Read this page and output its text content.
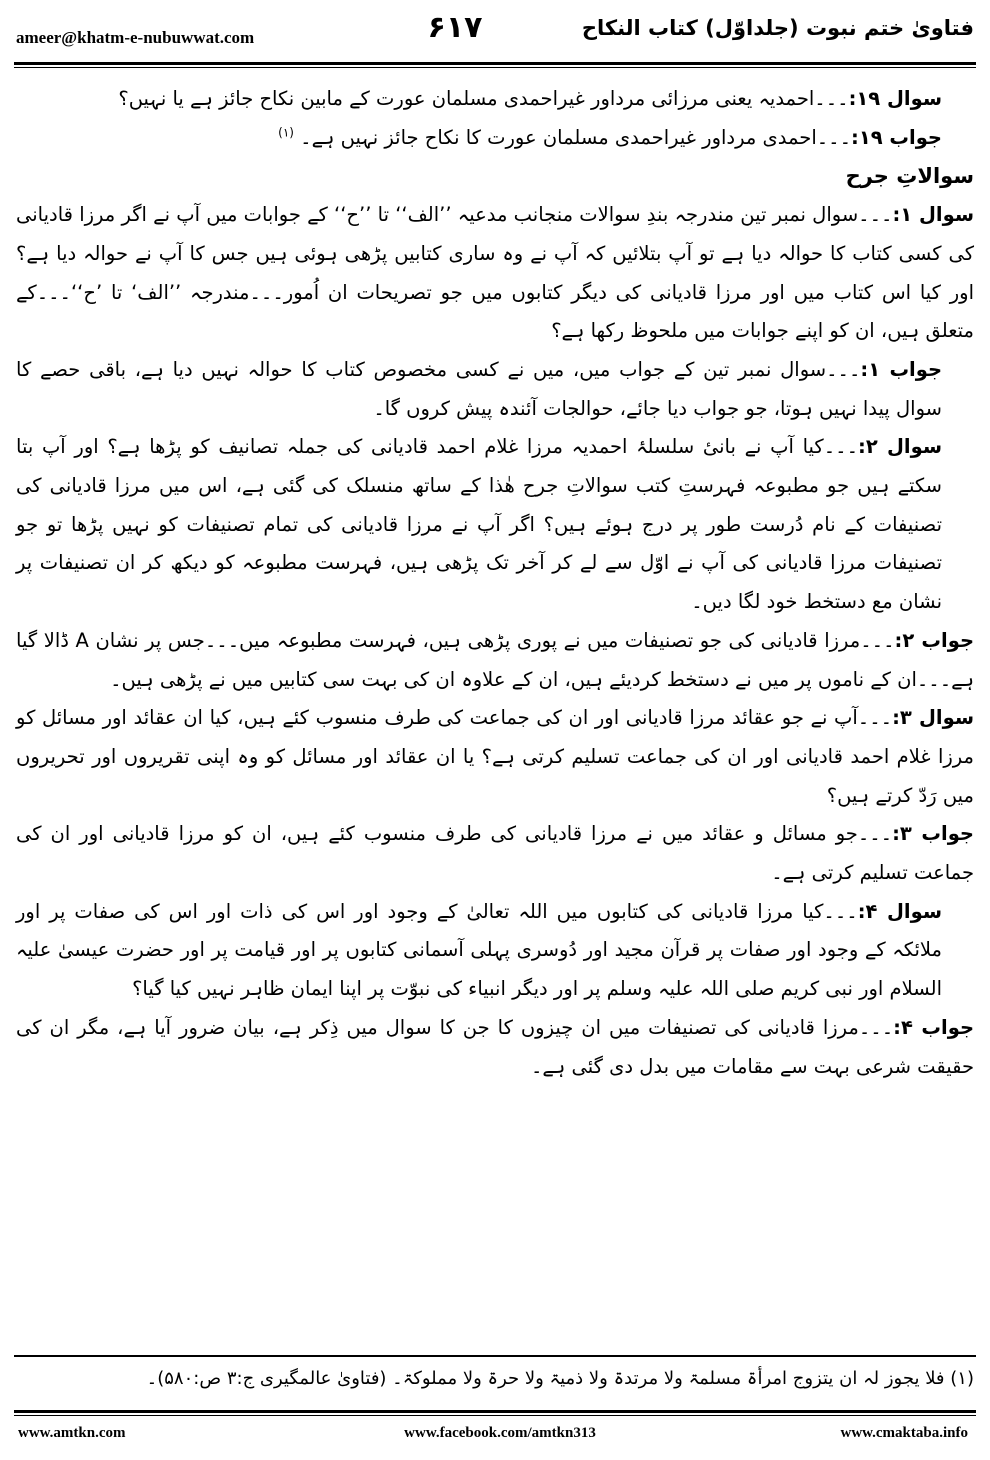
ameer@khatm-e-nubuwwat.com	۶۱۷	فتاویٰ ختم نبوت (جلداوّل) کتاب النکاح

سوال ۱۹:۔۔۔احمدیہ یعنی مرزائی مرداور غیراحمدی مسلمان عورت کے مابین نکاح جائز ہے یا نہیں؟

جواب ۱۹:۔۔۔احمدی مرداور غیراحمدی مسلمان عورت کا نکاح جائز نہیں ہے۔ $^{(۱)}$

سوالاتِ جرح

سوال ۱:۔۔۔سوال نمبر تین مندرجہ بندِ سوالات منجانب مدعیہ ’’الف‘‘ تا ’’ح‘‘ کے جوابات میں آپ نے اگر مرزا قادیانی کی کسی کتاب کا حوالہ دیا ہے تو آپ بتلائیں کہ آپ نے وہ ساری کتابیں پڑھی ہوئی ہیں جس کا آپ نے حوالہ دیا ہے؟ اور کیا اس کتاب میں اور مرزا قادیانی کی دیگر کتابوں میں جو تصریحات ان اُمور۔۔۔مندرجہ ’’الف‘ تا ’ح‘‘۔۔۔کے متعلق ہیں، ان کو اپنے جوابات میں ملحوظ رکھا ہے؟

جواب ۱:۔۔۔سوال نمبر تین کے جواب میں، میں نے کسی مخصوص کتاب کا حوالہ نہیں دیا ہے، باقی حصے کا سوال پیدا نہیں ہوتا، جو جواب دیا جائے، حوالجات آئندہ پیش کروں گا۔

سوال ۲:۔۔۔کیا آپ نے بانیٔ سلسلۂ احمدیہ مرزا غلام احمد قادیانی کی جملہ تصانیف کو پڑھا ہے؟ اور آپ بتا سکتے ہیں جو مطبوعہ فہرستِ کتب سوالاتِ جرح ھٰذا کے ساتھ منسلک کی گئی ہے، اس میں مرزا قادیانی کی تصنیفات کے نام دُرست طور پر درج ہوئے ہیں؟ اگر آپ نے مرزا قادیانی کی تمام تصنیفات کو نہیں پڑھا تو جو تصنیفات مرزا قادیانی کی آپ نے اوّل سے لے کر آخر تک پڑھی ہیں، فہرست مطبوعہ کو دیکھ کر ان تصنیفات پر نشان مع دستخط خود لگا دیں۔

جواب ۲:۔۔۔مرزا قادیانی کی جو تصنیفات میں نے پوری پڑھی ہیں، فہرست مطبوعہ میں۔۔۔جس پر نشان A ڈالا گیا ہے۔۔۔ان کے ناموں پر میں نے دستخط کردیئے ہیں، ان کے علاوہ ان کی بہت سی کتابیں میں نے پڑھی ہیں۔

سوال ۳:۔۔۔آپ نے جو عقائد مرزا قادیانی اور ان کی جماعت کی طرف منسوب کئے ہیں، کیا ان عقائد اور مسائل کو مرزا غلام احمد قادیانی اور ان کی جماعت تسلیم کرتی ہے؟ یا ان عقائد اور مسائل کو وہ اپنی تقریروں اور تحریروں میں رَدّ کرتے ہیں؟

جواب ۳:۔۔۔جو مسائل و عقائد میں نے مرزا قادیانی کی طرف منسوب کئے ہیں، ان کو مرزا قادیانی اور ان کی جماعت تسلیم کرتی ہے۔

سوال ۴:۔۔۔کیا مرزا قادیانی کی کتابوں میں اللہ تعالیٰ کے وجود اور اس کی ذات اور اس کی صفات پر اور ملائکہ کے وجود اور صفات پر قرآن مجید اور دُوسری پہلی آسمانی کتابوں پر اور قیامت پر اور حضرت عیسیٰ علیہ السلام اور نبی کریم صلی اللہ علیہ وسلم پر اور دیگر انبیاء کی نبوّت پر اپنا ایمان ظاہر نہیں کیا گیا؟

جواب ۴:۔۔۔مرزا قادیانی کی تصنیفات میں ان چیزوں کا جن کا سوال میں ذِکر ہے، بیان ضرور آیا ہے، مگر ان کی حقیقت شرعی بہت سے مقامات میں بدل دی گئی ہے۔

(۱) فلا یجوز لہ ان یتزوج امرأۃ مسلمۃ ولا مرتدۃ ولا ذمیۃ ولا حرۃ ولا مملوکۃ۔ (فتاویٰ عالمگیری ج:۳ ص:۵۸۰)۔
www.amtkn.com	www.facebook.com/amtkn313	www.cmaktaba.info
